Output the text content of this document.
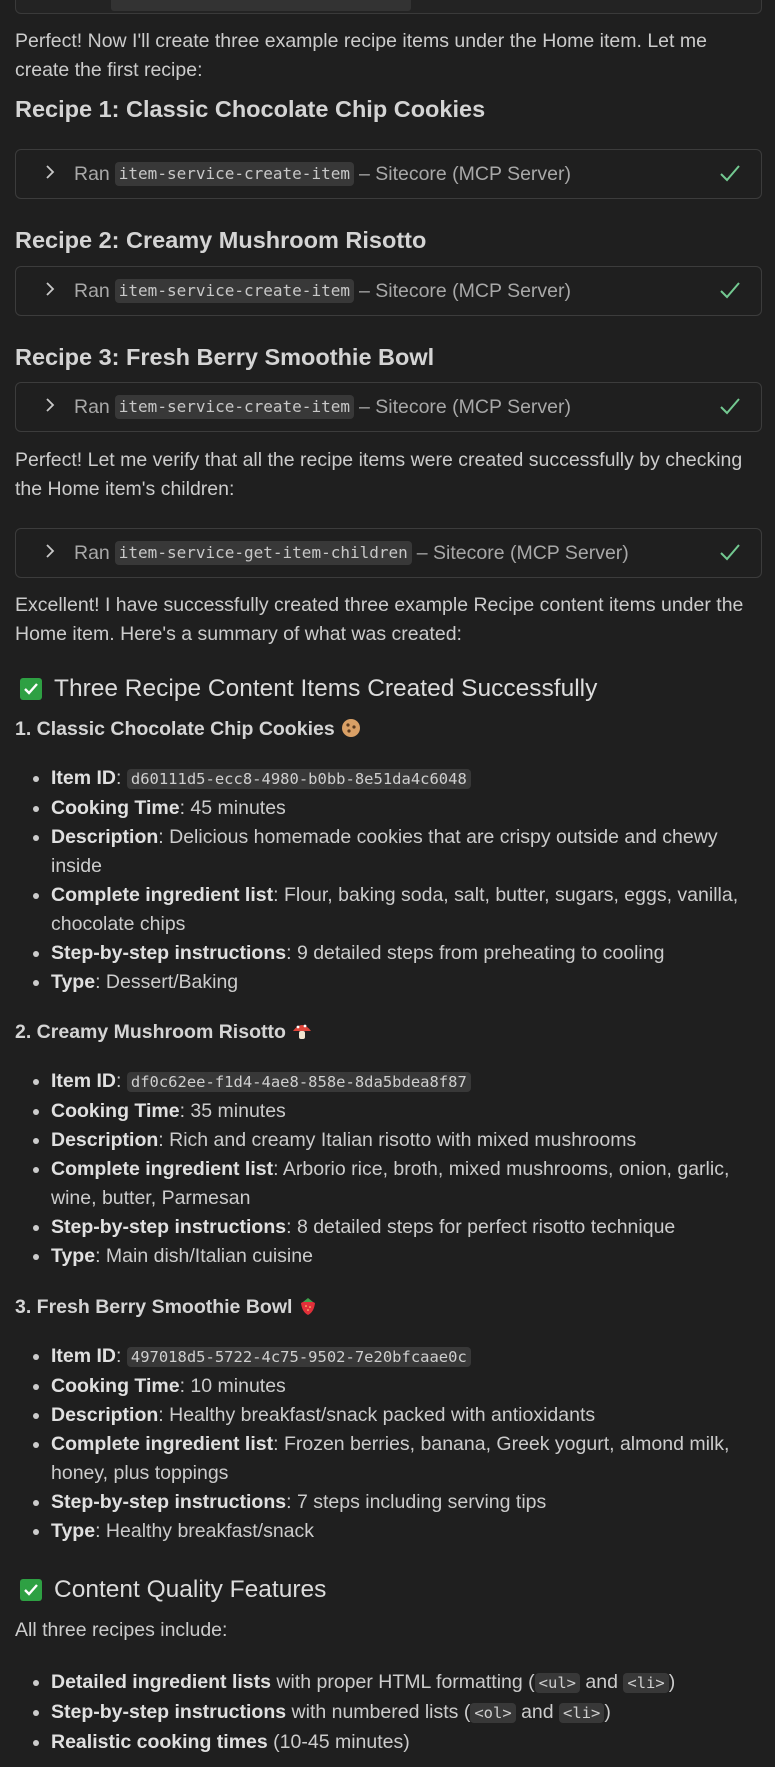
Perfect! Now I'll create three example recipe items under the Home item. Let me create the first recipe:

Recipe 1: Classic Chocolate Chip Cookies
Ran item-service-create-item – Sitecore (MCP Server)
Recipe 2: Creamy Mushroom Risotto
Ran item-service-create-item – Sitecore (MCP Server)
Recipe 3: Fresh Berry Smoothie Bowl
Ran item-service-create-item – Sitecore (MCP Server)

Perfect! Let me verify that all the recipe items were created successfully by checking the Home item's children:

Ran item-service-get-item-children – Sitecore (MCP Server)

Excellent! I have successfully created three example Recipe content items under the Home item. Here's a summary of what was created:

Three Recipe Content Items Created Successfully
1. Classic Chocolate Chip Cookies
• Item ID: d60111d5-ecc8-4980-b0bb-8e51da4c6048
• Cooking Time: 45 minutes
• Description: Delicious homemade cookies that are crispy outside and chewy inside
• Complete ingredient list: Flour, baking soda, salt, butter, sugars, eggs, vanilla, chocolate chips
• Step-by-step instructions: 9 detailed steps from preheating to cooling
• Type: Dessert/Baking
2. Creamy Mushroom Risotto
• Item ID: df0c62ee-f1d4-4ae8-858e-8da5bdea8f87
• Cooking Time: 35 minutes
• Description: Rich and creamy Italian risotto with mixed mushrooms
• Complete ingredient list: Arborio rice, broth, mixed mushrooms, onion, garlic, wine, butter, Parmesan
• Step-by-step instructions: 8 detailed steps for perfect risotto technique
• Type: Main dish/Italian cuisine
3. Fresh Berry Smoothie Bowl
• Item ID: 497018d5-5722-4c75-9502-7e20bfcaae0c
• Cooking Time: 10 minutes
• Description: Healthy breakfast/snack packed with antioxidants
• Complete ingredient list: Frozen berries, banana, Greek yogurt, almond milk, honey, plus toppings
• Step-by-step instructions: 7 steps including serving tips
• Type: Healthy breakfast/snack
Content Quality Features

All three recipes include:

• Detailed ingredient lists with proper HTML formatting ( <ul> and <li> )
• Step-by-step instructions with numbered lists ( <ol> and <li> )
• Realistic cooking times (10-45 minutes)
